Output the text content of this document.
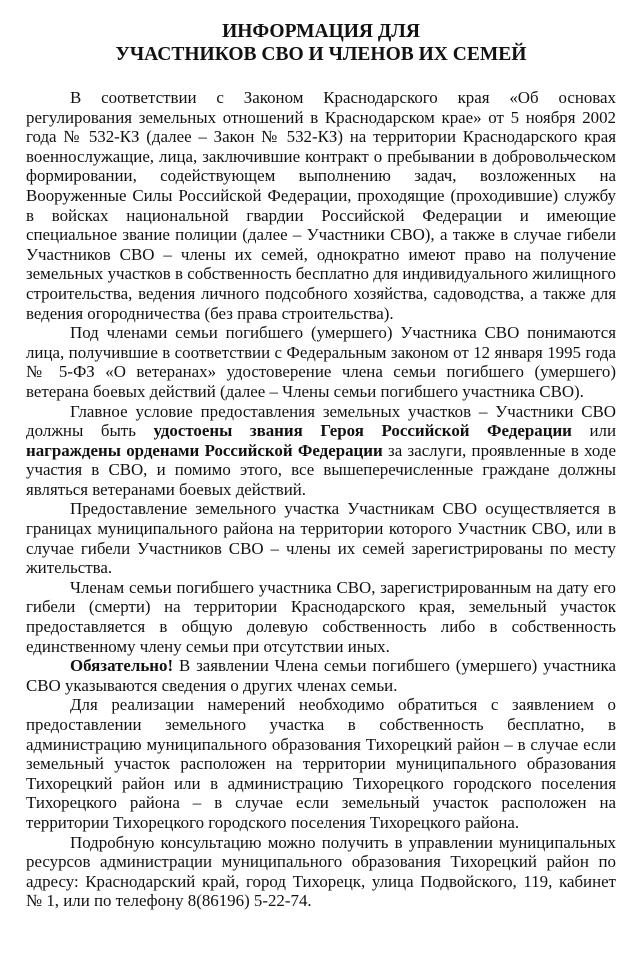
ИНФОРМАЦИЯ ДЛЯ
УЧАСТНИКОВ СВО И ЧЛЕНОВ ИХ СЕМЕЙ

В соответствии с Законом Краснодарского края «Об основах регулирования земельных отношений в Краснодарском крае» от 5 ноября 2002 года № 532-КЗ (далее – Закон № 532-КЗ) на территории Краснодарского края военнослужащие, лица, заключившие контракт о пребывании в добровольческом формировании, содействующем выполнению задач, возложенных на Вооруженные Силы Российской Федерации, проходящие (проходившие) службу в войсках национальной гвардии Российской Федерации и имеющие специальное звание полиции (далее – Участники СВО), а также в случае гибели Участников СВО – члены их семей, однократно имеют право на получение земельных участков в собственность бесплатно для индивидуального жилищного строительства, ведения личного подсобного хозяйства, садоводства, а также для ведения огородничества (без права строительства).

Под членами семьи погибшего (умершего) Участника СВО понимаются лица, получившие в соответствии с Федеральным законом от 12 января 1995 года № 5-ФЗ «О ветеранах» удостоверение члена семьи погибшего (умершего) ветерана боевых действий (далее – Члены семьи погибшего участника СВО).

Главное условие предоставления земельных участков – Участники СВО должны быть удостоены звания Героя Российской Федерации или награждены орденами Российской Федерации за заслуги, проявленные в ходе участия в СВО, и помимо этого, все вышеперечисленные граждане должны являться ветеранами боевых действий.

Предоставление земельного участка Участникам СВО осуществляется в границах муниципального района на территории которого Участник СВО, или в случае гибели Участников СВО – члены их семей зарегистрированы по месту жительства.

Членам семьи погибшего участника СВО, зарегистрированным на дату его гибели (смерти) на территории Краснодарского края, земельный участок предоставляется в общую долевую собственность либо в собственность единственному члену семьи при отсутствии иных.

Обязательно! В заявлении Члена семьи погибшего (умершего) участника СВО указываются сведения о других членах семьи.

Для реализации намерений необходимо обратиться с заявлением о предоставлении земельного участка в собственность бесплатно, в администрацию муниципального образования Тихорецкий район – в случае если земельный участок расположен на территории муниципального образования Тихорецкий район или в администрацию Тихорецкого городского поселения Тихорецкого района – в случае если земельный участок расположен на территории Тихорецкого городского поселения Тихорецкого района.

Подробную консультацию можно получить в управлении муниципальных ресурсов администрации муниципального образования Тихорецкий район по адресу: Краснодарский край, город Тихорецк, улица Подвойского, 119, кабинет № 1, или по телефону 8(86196) 5-22-74.
